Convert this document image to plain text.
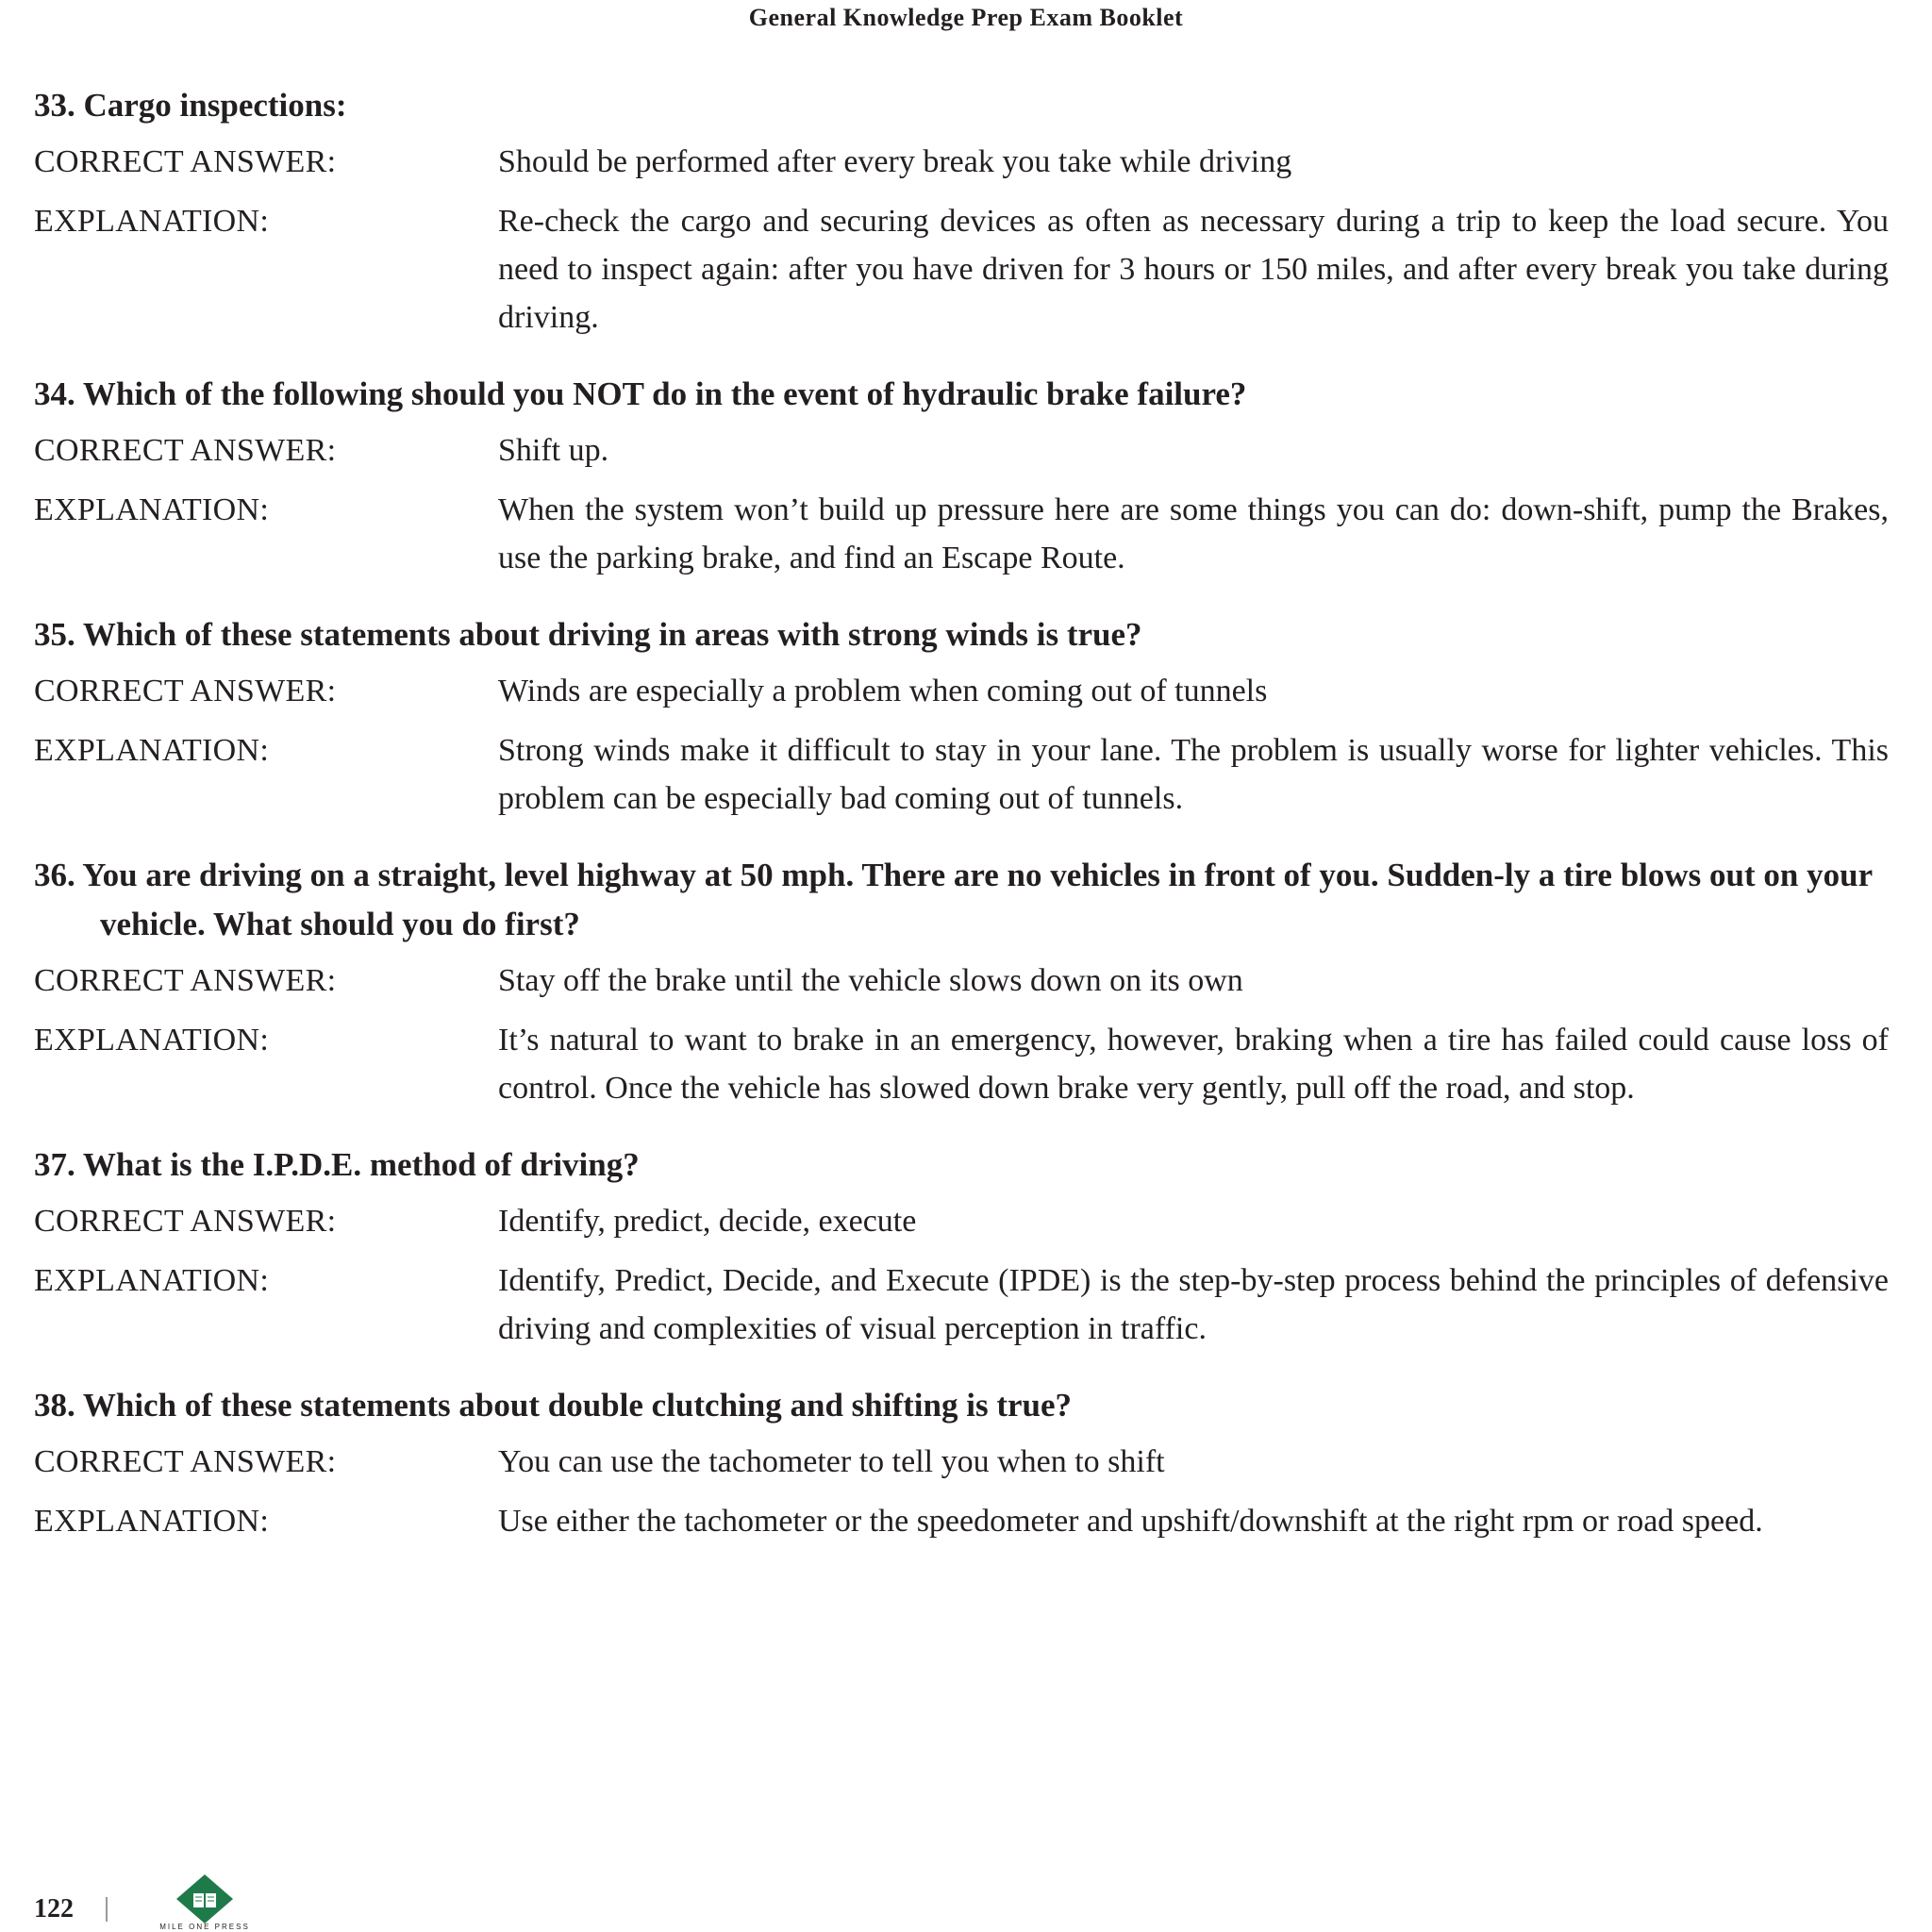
General Knowledge Prep Exam Booklet
33. Cargo inspections:
CORRECT ANSWER:	Should be performed after every break you take while driving
EXPLANATION:	Re-check the cargo and securing devices as often as necessary during a trip to keep the load secure. You need to inspect again: after you have driven for 3 hours or 150 miles, and after every break you take during driving.
34. Which of the following should you NOT do in the event of hydraulic brake failure?
CORRECT ANSWER:	Shift up.
EXPLANATION:	When the system won’t build up pressure here are some things you can do: down-shift, pump the Brakes, use the parking brake, and find an Escape Route.
35. Which of these statements about driving in areas with strong winds is true?
CORRECT ANSWER:	Winds are especially a problem when coming out of tunnels
EXPLANATION:	Strong winds make it difficult to stay in your lane. The problem is usually worse for lighter vehicles. This problem can be especially bad coming out of tunnels.
36. You are driving on a straight, level highway at 50 mph. There are no vehicles in front of you. Sudden-ly a tire blows out on your vehicle. What should you do first?
CORRECT ANSWER:	Stay off the brake until the vehicle slows down on its own
EXPLANATION:	It’s natural to want to brake in an emergency, however, braking when a tire has failed could cause loss of control. Once the vehicle has slowed down brake very gently, pull off the road, and stop.
37. What is the I.P.D.E. method of driving?
CORRECT ANSWER:	Identify, predict, decide, execute
EXPLANATION:	Identify, Predict, Decide, and Execute (IPDE) is the step-by-step process behind the principles of defensive driving and complexities of visual perception in traffic.
38. Which of these statements about double clutching and shifting is true?
CORRECT ANSWER:	You can use the tachometer to tell you when to shift
EXPLANATION:	Use either the tachometer or the speedometer and upshift/downshift at the right rpm or road speed.
122
MILE ONE PRESS
